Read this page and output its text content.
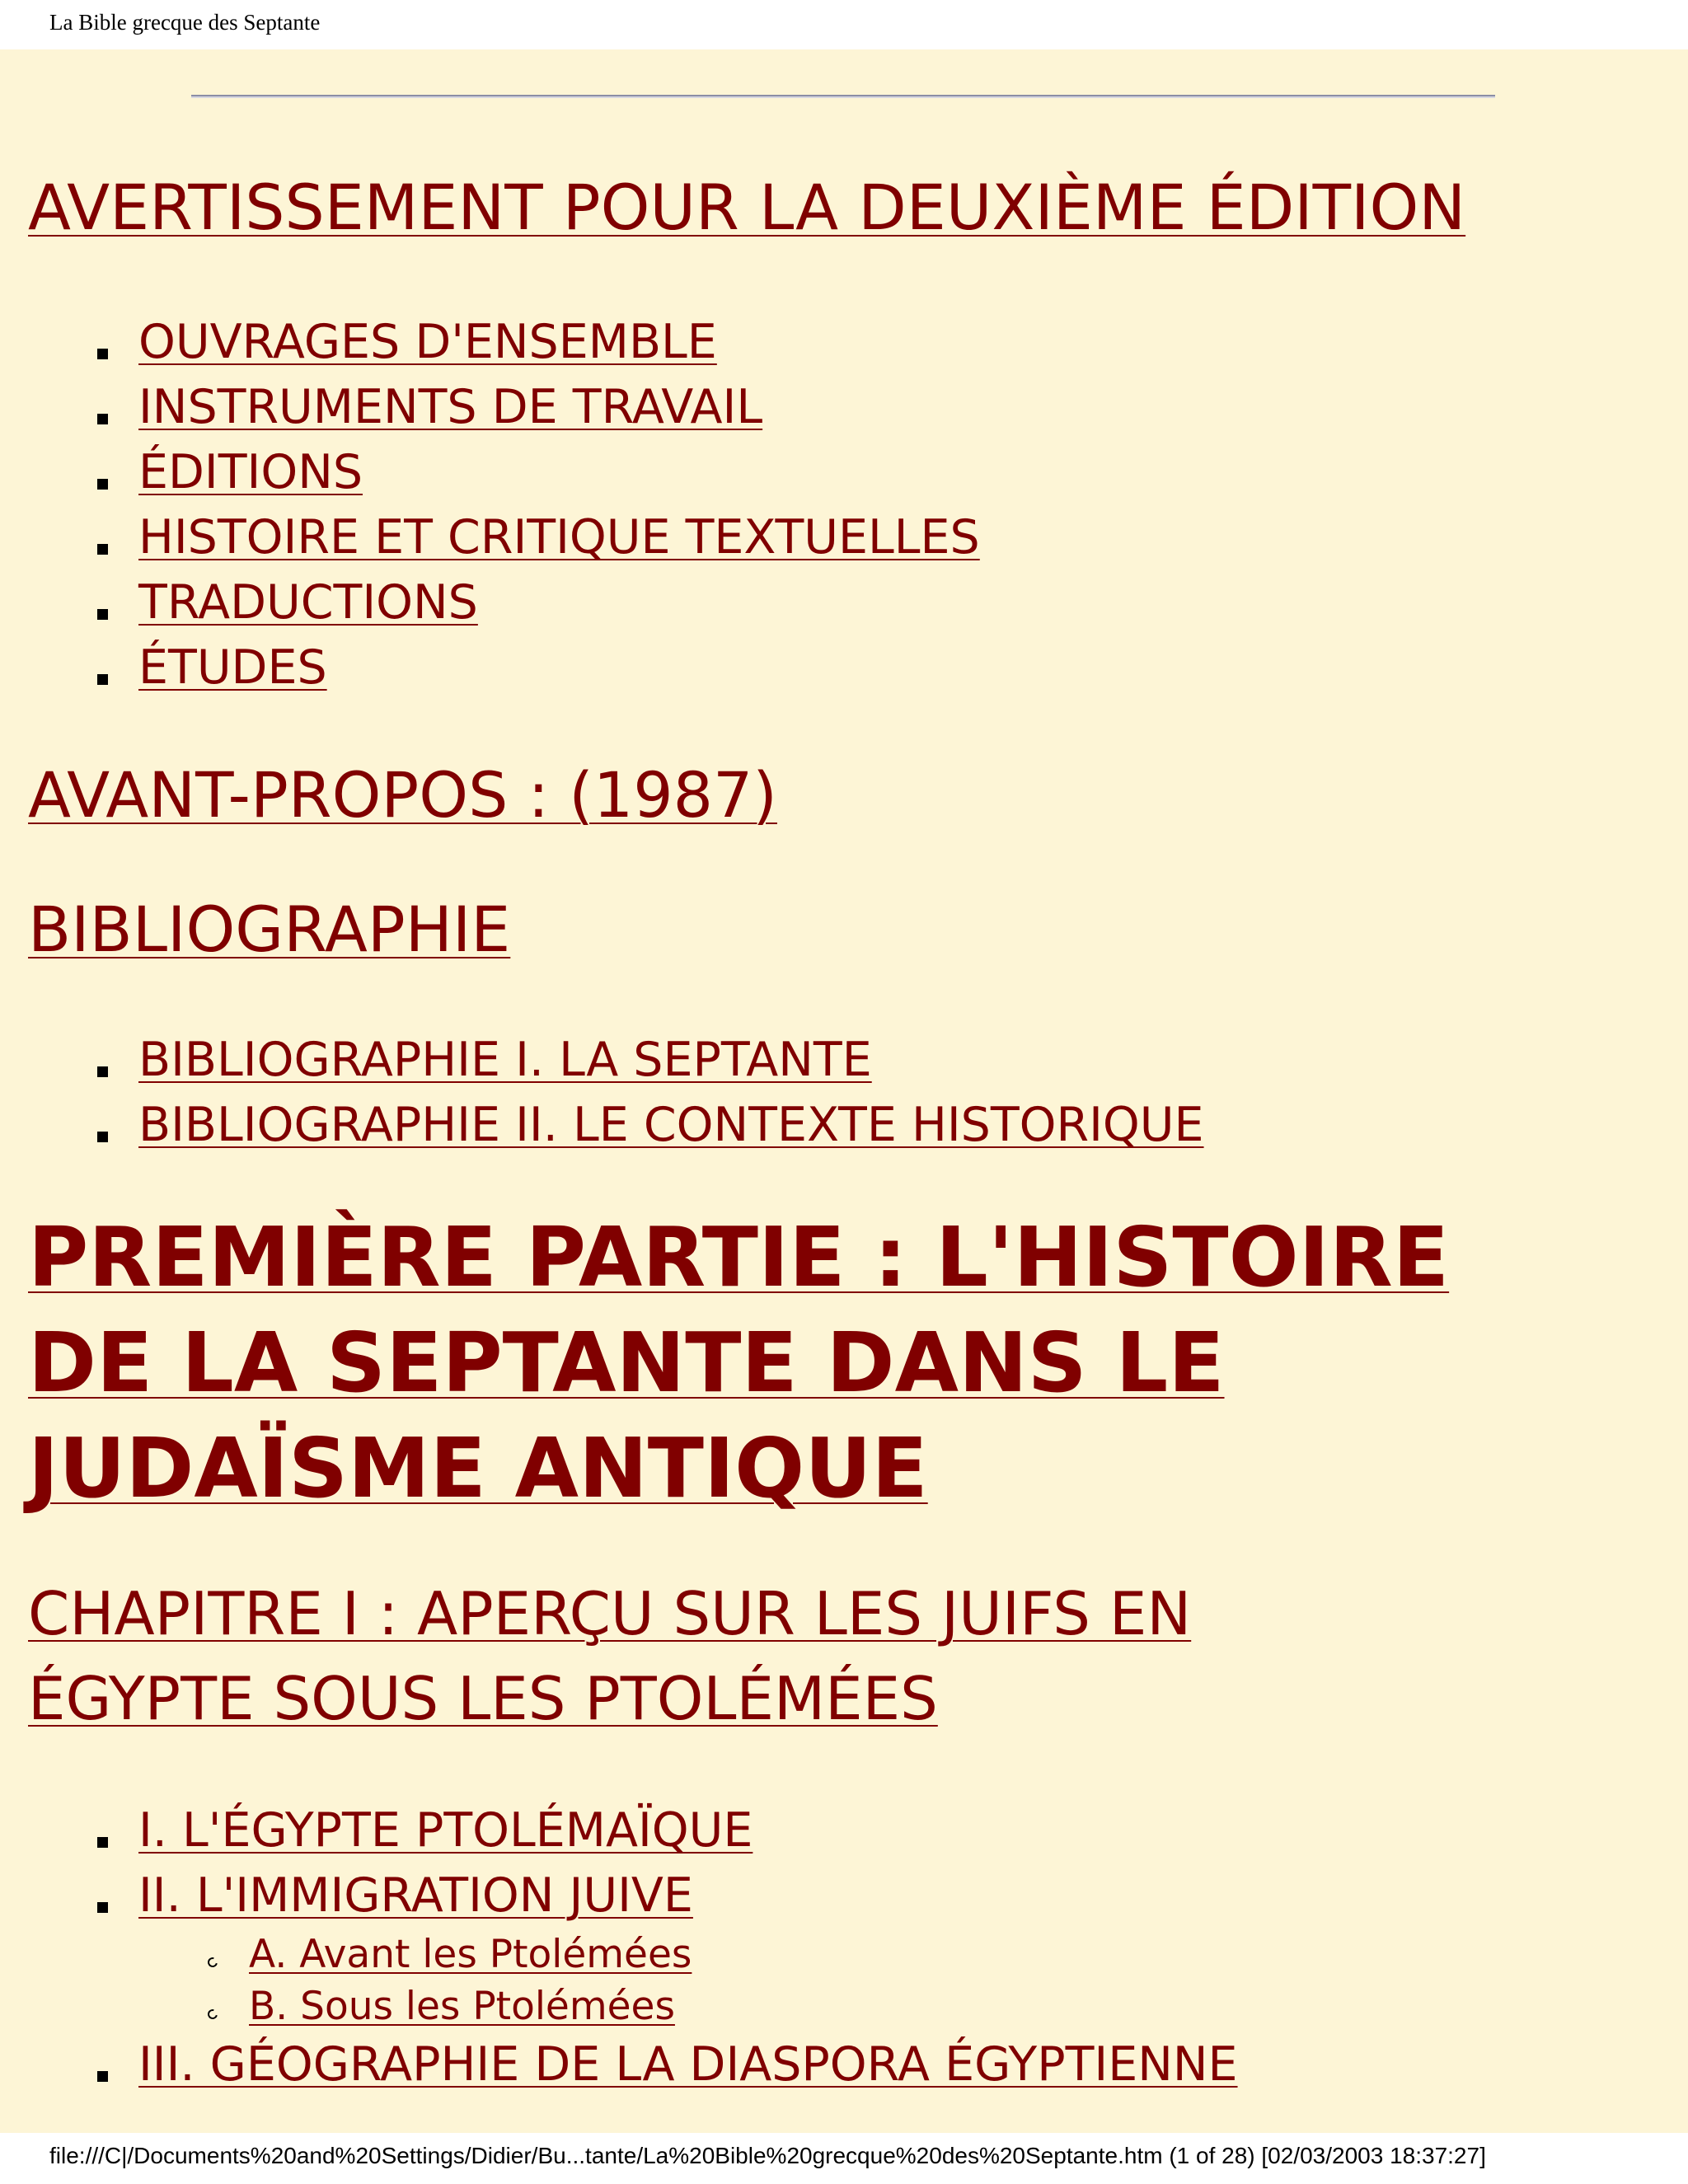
La Bible grecque des Septante
AVERTISSEMENT POUR LA DEUXIÈME ÉDITION
OUVRAGES D'ENSEMBLE
INSTRUMENTS DE TRAVAIL
ÉDITIONS
HISTOIRE ET CRITIQUE TEXTUELLES
TRADUCTIONS
ÉTUDES
AVANT-PROPOS : (1987)
BIBLIOGRAPHIE
BIBLIOGRAPHIE I. LA SEPTANTE
BIBLIOGRAPHIE II. LE CONTEXTE HISTORIQUE
PREMIÈRE PARTIE : L'HISTOIRE
DE LA SEPTANTE DANS LE
JUDAÏSME ANTIQUE
CHAPITRE I : APERÇU SUR LES JUIFS EN
ÉGYPTE SOUS LES PTOLÉMÉES
I. L'ÉGYPTE PTOLÉMAÏQUE
II. L'IMMIGRATION JUIVE
A. Avant les Ptolémées
B. Sous les Ptolémées
III. GÉOGRAPHIE DE LA DIASPORA ÉGYPTIENNE
file:///C|/Documents%20and%20Settings/Didier/Bu...tante/La%20Bible%20grecque%20des%20Septante.htm (1 of 28) [02/03/2003 18:37:27]
